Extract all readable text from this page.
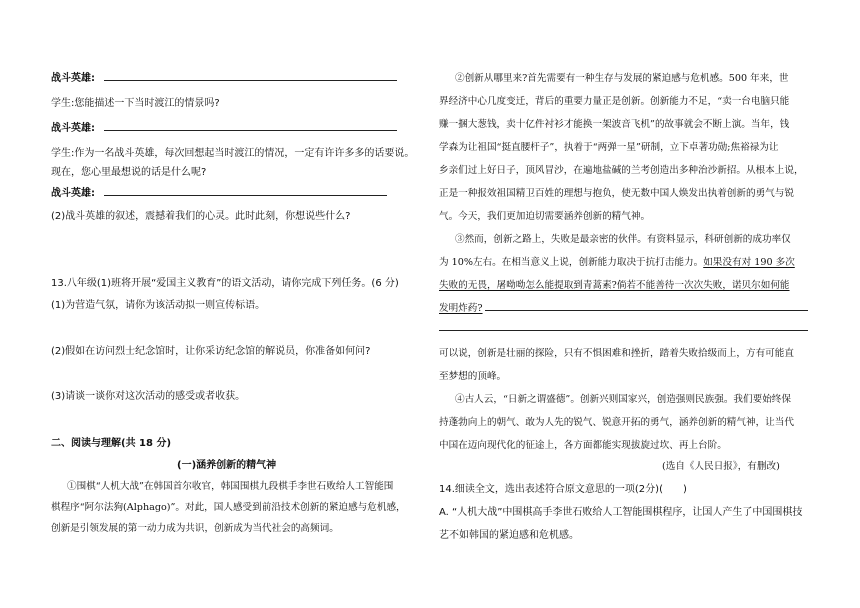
战斗英雄:
学生:您能描述一下当时渡江的情景吗?
战斗英雄:
学生:作为一名战斗英雄，每次回想起当时渡江的情况，一定有许许多多的话要说。
现在，您心里最想说的话是什么呢?
战斗英雄:
(2)战斗英雄的叙述，震撼着我们的心灵。此时此刻，你想说些什么?
13.八年级(1)班将开展“爱国主义教育”的语文活动，请你完成下列任务。(6 分)
(1)为营造气氛，请你为该活动拟一则宣传标语。
(2)假如在访问烈士纪念馆时，让你采访纪念馆的解说员，你准备如何问?
(3)请谈一谈你对这次活动的感受或者收获。
二、阅读与理解(共 18 分)
(一)涵养创新的精气神
①围棋“人机大战”在韩国首尔收官，韩国围棋九段棋手李世石败给人工智能围
棋程序“阿尔法狗(Alphago)”。对此，国人感受到前沿技术创新的紧迫感与危机感，
创新是引领发展的第一动力成为共识，创新成为当代社会的高频词。
②创新从哪里来?首先需要有一种生存与发展的紧迫感与危机感。500 年来，世
界经济中心几度变迁，背后的重要力量正是创新。创新能力不足，“卖一台电脑只能
赚一捆大葱钱，卖十亿件衬衫才能换一架波音飞机”的故事就会不断上演。当年，钱
学森为让祖国“挺直腰杆子”，执着于“两弹一星”研制，立下卓著功勋;焦裕禄为让
乡亲们过上好日子，顶风冒沙，在遍地盐碱的兰考创造出多种治沙新招。从根本上说，
正是一种报效祖国精卫百姓的理想与抱负，使无数中国人焕发出执着创新的勇气与锐
气。今天，我们更加迫切需要涵养创新的精气神。
③然而，创新之路上，失败是最亲密的伙伴。有资料显示，科研创新的成功率仅
为 10%左右。在相当意义上说，创新能力取决于抗打击能力。如果没有对 190 多次
失败的无畏，屠呦呦怎么能提取到青蒿素?倘若不能善待一次次失败，诺贝尔如何能
发明炸药?
可以说，创新是壮丽的探险，只有不惧困难和挫折，踏着失败拾级而上，方有可能直
至梦想的顶峰。
④古人云，“日新之谓盛德”。创新兴则国家兴，创造强则民族强。我们要始终保
持蓬勃向上的朝气、敢为人先的锐气、锐意开拓的勇气，涵养创新的精气神，让当代
中国在迈向现代化的征途上，各方面都能实现拔旋过坎、再上台阶。
(选自《人民日报》，有删改)
14.细读全文，选出表述符合原文意思的一项(2分)(　　)
A. “人机大战”中围棋高手李世石败给人工智能围棋程序，让国人产生了中国围棋技
艺不如韩国的紧迫感和危机感。
